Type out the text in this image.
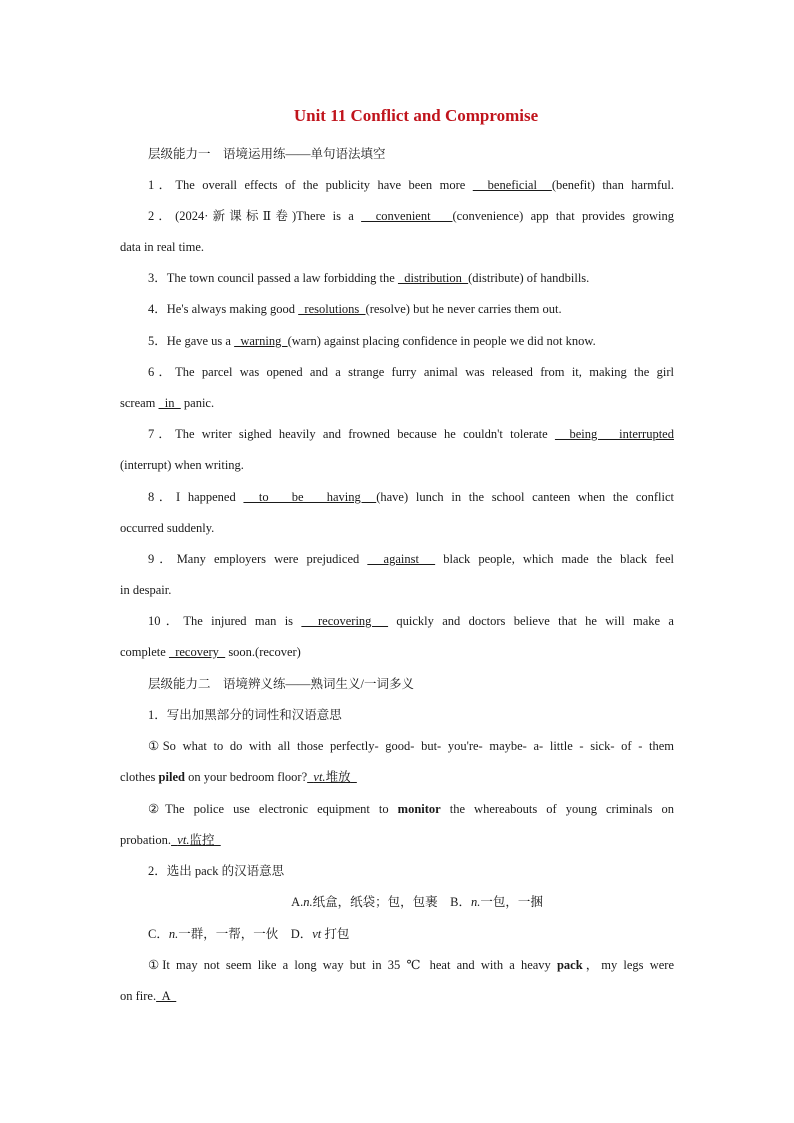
Unit 11 Conflict and Compromise
层级能力一　语境运用练——单句语法填空
1．The overall effects of the publicity have been more   beneficial  (benefit) than harmful.
2．(2024·新课标Ⅱ卷)There is a   convenient   (convenience) app that provides growing
data in real time.
3．The town council passed a law forbidding the   distribution  (distribute) of handbills.
4．He's always making good   resolutions  (resolve) but he never carries them out.
5．He gave us a   warning  (warn) against placing confidence in people we did not know.
6．The parcel was opened and a strange furry animal was released from it, making the girl
scream   in   panic.
7．The writer sighed heavily and frowned because he couldn't tolerate   being   interrupted
(interrupt) when writing.
8．I happened   to   be   having  (have) lunch in the school canteen when the conflict
occurred suddenly.
9．Many employers were prejudiced   against   black people, which made the black feel
in despair.
10．The injured man is   recovering   quickly and doctors believe that he will make a
complete   recovery   soon.(recover)
层级能力二　语境辨义练——熟词生义/一词多义
1．写出加黑部分的词性和汉语意思
①So what to do with all those perfectly- good- but- you're- maybe- a- little - sick- of - them
clothes piled on your bedroom floor? vt.堆放
②The police use electronic equipment to monitor the whereabouts of young criminals on
probation. vt.监控
2．选出 pack 的汉语意思
A.n.纸盒，纸袋；包，包裹　B．n.一包，一捆
C．n.一群，一帮，一伙　D．vt 打包
①It may not seem like a long way but in 35 ℃ heat and with a heavy pack，my legs were
on fire.  A
